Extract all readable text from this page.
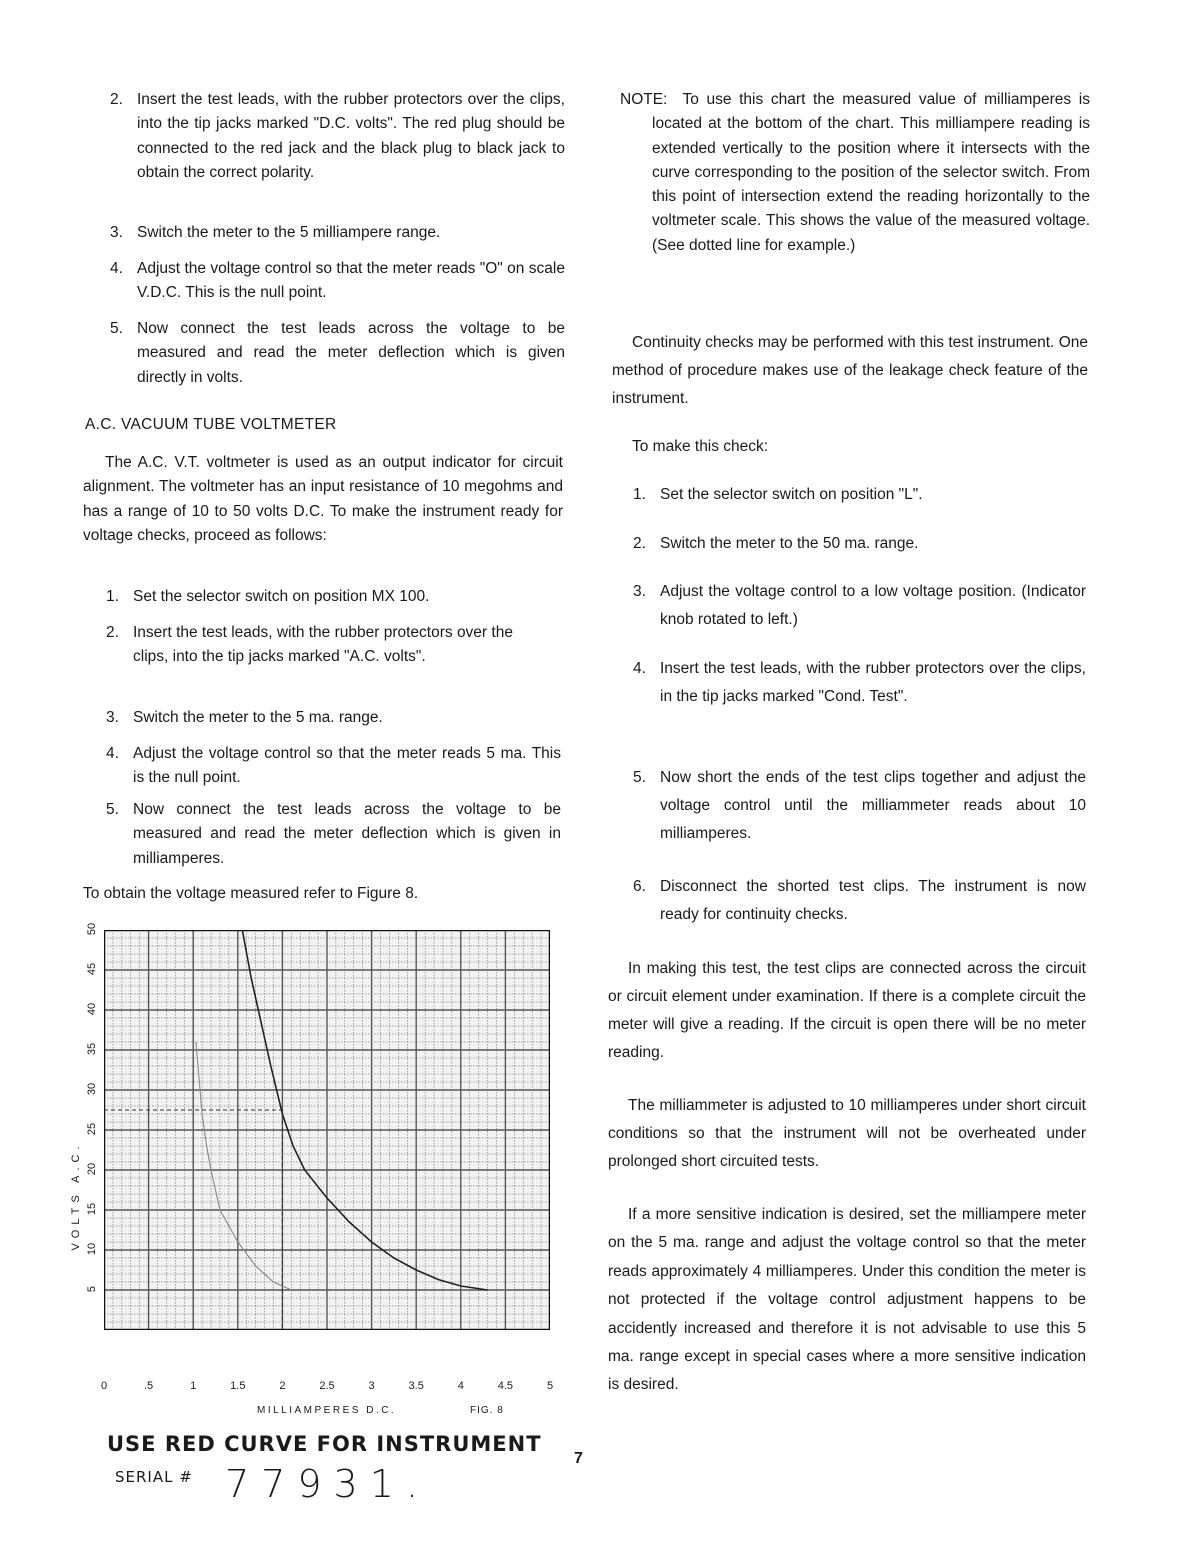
2. Insert the test leads, with the rubber protectors over the clips, into the tip jacks marked "D.C. volts". The red plug should be connected to the red jack and the black plug to black jack to obtain the correct polarity.
3. Switch the meter to the 5 milliampere range.
4. Adjust the voltage control so that the meter reads "O" on scale V.D.C. This is the null point.
5. Now connect the test leads across the voltage to be measured and read the meter deflection which is given directly in volts.
A.C. VACUUM TUBE VOLTMETER
The A.C. V.T. voltmeter is used as an output indicator for circuit alignment. The voltmeter has an input resistance of 10 megohms and has a range of 10 to 50 volts D.C. To make the instrument ready for voltage checks, proceed as follows:
1. Set the selector switch on position MX 100.
2. Insert the test leads, with the rubber protectors over the clips, into the tip jacks marked "A.C. volts".
3. Switch the meter to the 5 ma. range.
4. Adjust the voltage control so that the meter reads 5 ma. This is the null point.
5. Now connect the test leads across the voltage to be measured and read the meter deflection which is given in milliamperes.
To obtain the voltage measured refer to Figure 8.
5
10
15
20
25
30
35
40
45
50
0	.5	1	1.5	2	2.5	3	3.5	4	4.5	5
VOLTS A.C.
MILLIAMPERES D.C.	FIG. 8
USE RED CURVE FOR INSTRUMENT
SERIAL # 77931.
7
NOTE: To use this chart the measured value of milliamperes is located at the bottom of the chart. This milliampere reading is extended vertically to the position where it intersects with the curve corresponding to the position of the selector switch. From this point of intersection extend the reading horizontally to the voltmeter scale. This shows the value of the measured voltage. (See dotted line for example.)
Continuity checks may be performed with this test instrument. One method of procedure makes use of the leakage check feature of the instrument.
To make this check:
1. Set the selector switch on position "L".
2. Switch the meter to the 50 ma. range.
3. Adjust the voltage control to a low voltage position. (Indicator knob rotated to left.)
4. Insert the test leads, with the rubber protectors over the clips, in the tip jacks marked "Cond. Test".
5. Now short the ends of the test clips together and adjust the voltage control until the milliammeter reads about 10 milliamperes.
6. Disconnect the shorted test clips. The instrument is now ready for continuity checks.
In making this test, the test clips are connected across the circuit or circuit element under examination. If there is a complete circuit the meter will give a reading. If the circuit is open there will be no meter reading.
The milliammeter is adjusted to 10 milliamperes under short circuit conditions so that the instrument will not be overheated under prolonged short circuited tests.
If a more sensitive indication is desired, set the milliampere meter on the 5 ma. range and adjust the voltage control so that the meter reads approximately 4 milliamperes. Under this condition the meter is not protected if the voltage control adjustment happens to be accidently increased and therefore it is not advisable to use this 5 ma. range except in special cases where a more sensitive indication is desired.
